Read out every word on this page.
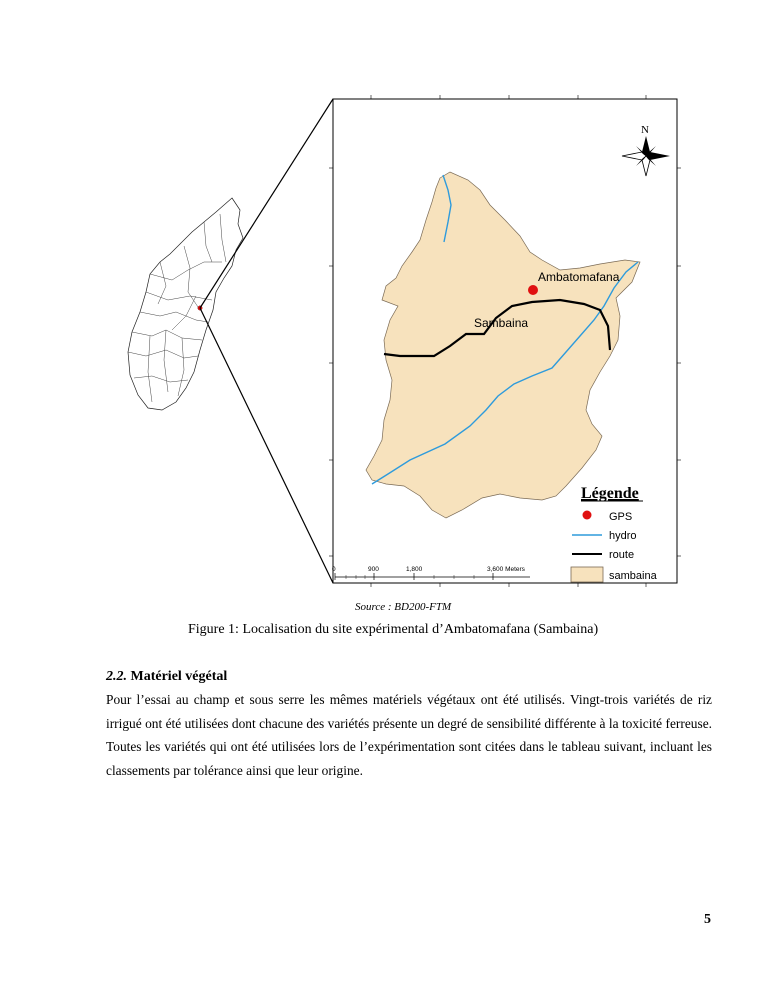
Ambatomafana
Sambaina
N
Légende
GPS
hydro
route
sambaina
0	900	1,800	3,600 Meters
Source : BD200-FTM
Figure 1: Localisation du site expérimental d’Ambatomafana (Sambaina)
2.2. Matériel végétal
Pour l’essai au champ et sous serre les mêmes matériels végétaux ont été utilisés. Vingt-trois variétés de riz irrigué ont été utilisées dont chacune des variétés présente un degré de sensibilité différente à la toxicité ferreuse. Toutes les variétés qui ont été utilisées lors de l’expérimentation sont citées dans le tableau suivant, incluant les classements par tolérance ainsi que leur origine.
5
